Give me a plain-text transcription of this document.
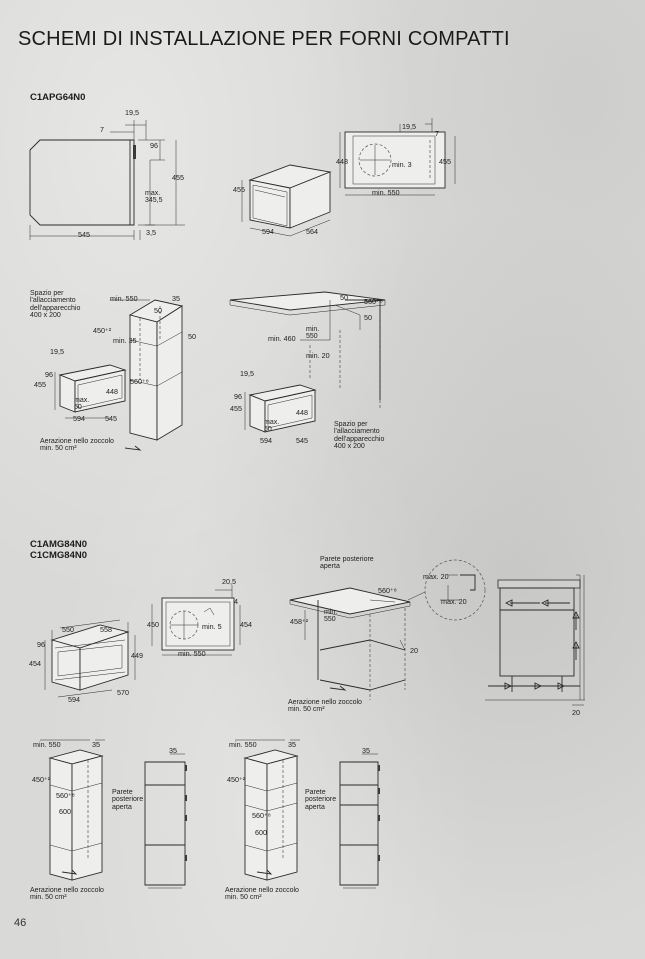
SCHEMI DI INSTALLAZIONE PER FORNI COMPATTI
C1APG64N0
19,5
7
96
455
max.
345,5
545	3,5
455
594	564
19,5
7
448	455
min. 3
min. 550
Spazio per
l'allacciamento
dell'apparecchio
400 x 200
min. 550	35
50
50
450⁺²
min. 35
19,5
96
455
448
560⁺⁸
max.
50
594	545
Aerazione nello zoccolo
min. 50 cm²
50 560⁺⁸
min. 460
min.
550
50
min. 20
19,5
96
455	448
max.
50
594	545
Spazio per
l'allacciamento
dell'apparecchio
400 x 200
C1AMG84N0
C1CMG84N0
550	558
96
454
449
594
570
20,5
4
450	454
min. 5
min. 550
Parete posteriore
aperta
560⁺⁸
min.
550
458⁺²
20
Aerazione nello zoccolo
min. 50 cm²
max. 20
max. 20
20
min. 550	35
450⁺²
560⁺⁸
600
Parete
posteriore
aperta
35
Aerazione nello zoccolo
min. 50 cm²
min. 550	35
450⁺²
560⁺⁸
600
Parete
posteriore
aperta
35
Aerazione nello zoccolo
min. 50 cm²
46
